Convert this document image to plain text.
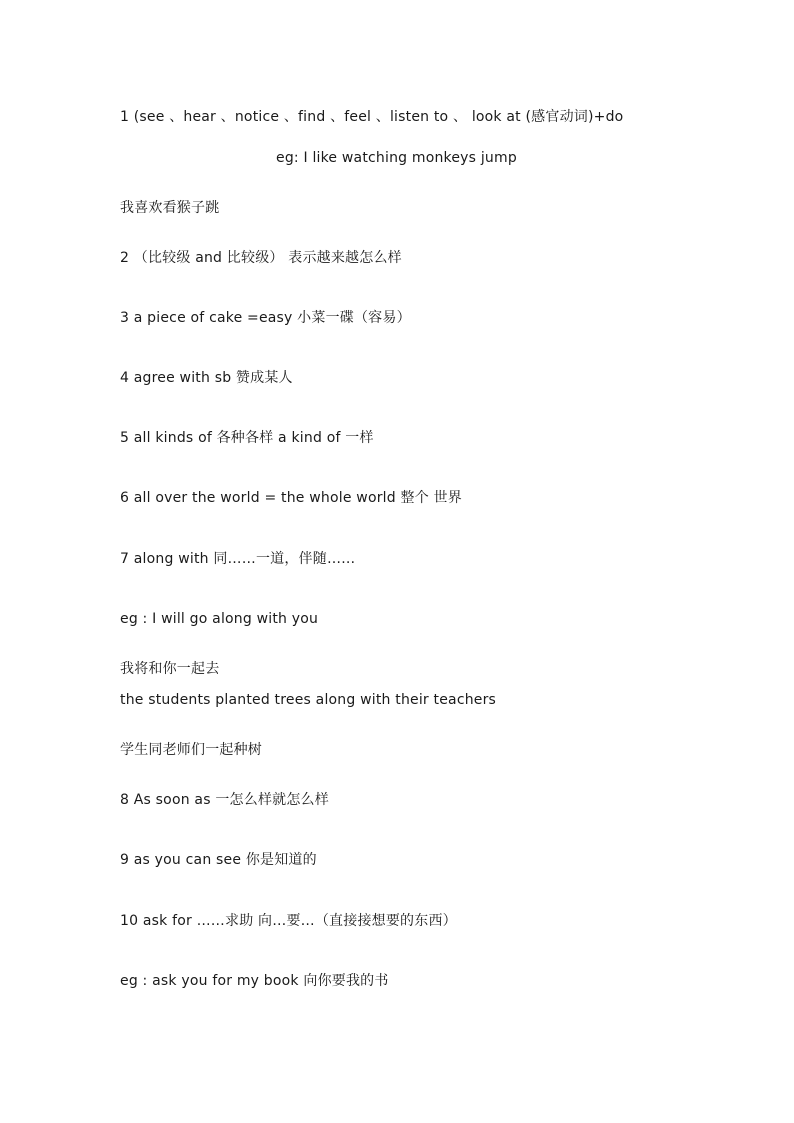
1 (see 、hear 、notice 、find 、feel 、listen to 、 look at (感官动词)+do
eg: I like watching monkeys jump
我喜欢看猴子跳
2 （比较级 and 比较级） 表示越来越怎么样
3 a piece of cake =easy 小菜一碟（容易）
4 agree with sb 赞成某人
5 all kinds of 各种各样 a kind of 一样
6 all over the world = the whole world 整个 世界
7 along with 同……一道，伴随……
eg : I will go along with you
我将和你一起去
the students planted trees along with their teachers
学生同老师们一起种树
8 As soon as 一怎么样就怎么样
9 as you can see 你是知道的
10 ask for ……求助 向…要…（直接接想要的东西）
eg : ask you for my book 向你要我的书
